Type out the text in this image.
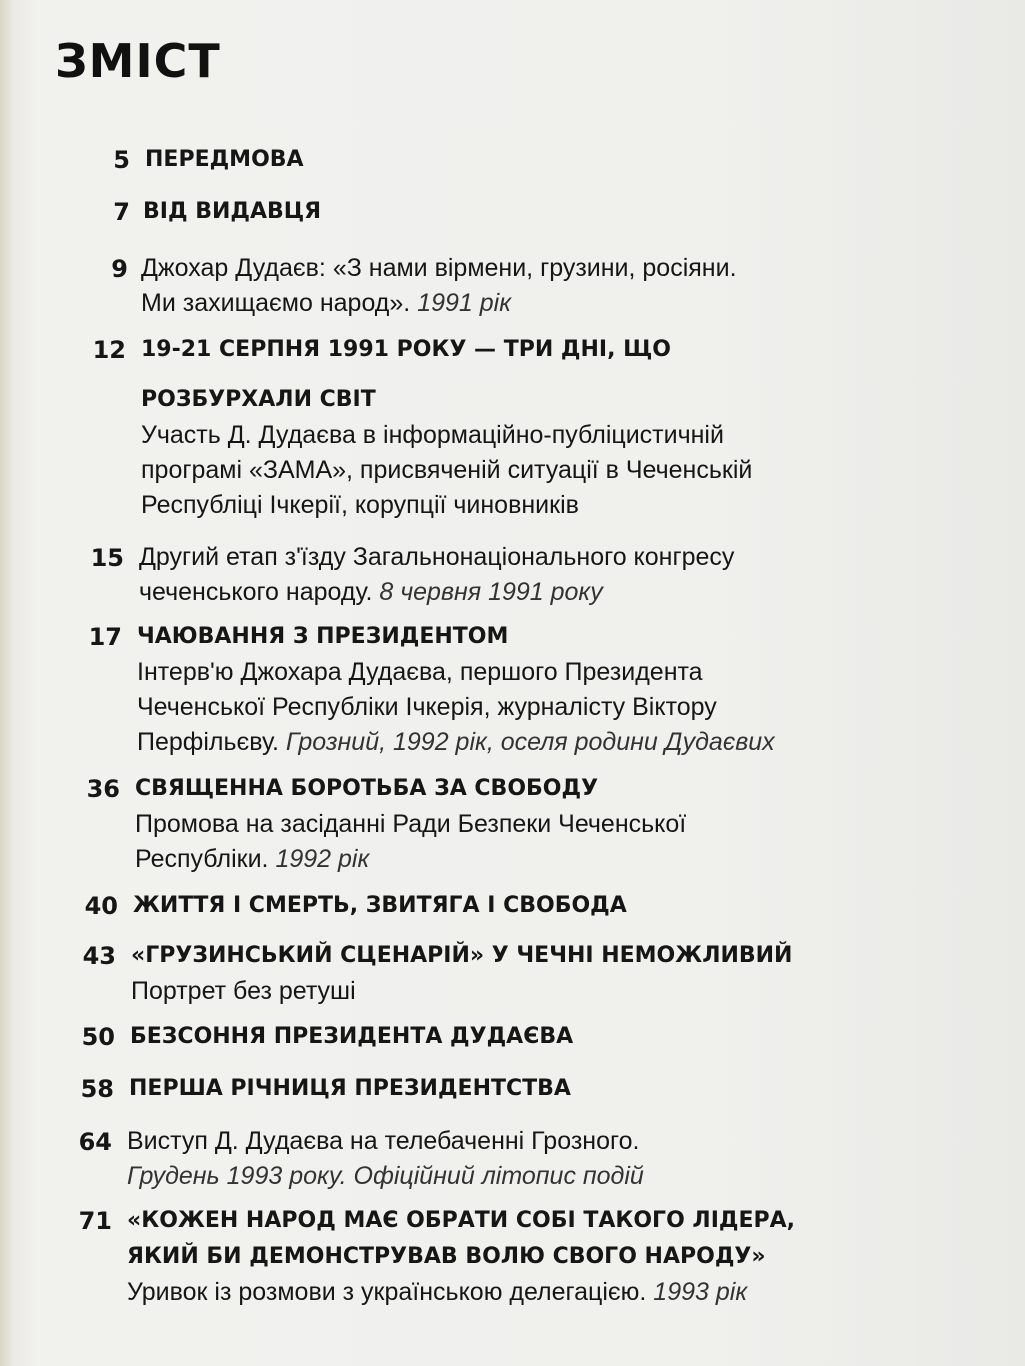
ЗМІСТ
5 ПЕРЕДМОВА
7 ВІД ВИДАВЦЯ
9 Джохар Дудаєв: «З нами вірмени, грузини, росіяни.
Ми захищаємо народ». 1991 рік
12 19-21 СЕРПНЯ 1991 РОКУ — ТРИ ДНІ, ЩО
РОЗБУРХАЛИ СВІТ
Участь Д. Дудаєва в інформаційно-публіцистичній
програмі «ЗАМА», присвяченій ситуації в Чеченській
Республіці Ічкерії, корупції чиновників
15 Другий етап з'їзду Загальнонаціонального конгресу
чеченського народу. 8 червня 1991 року
17 ЧАЮВАННЯ З ПРЕЗИДЕНТОМ
Інтерв'ю Джохара Дудаєва, першого Президента
Чеченської Республіки Ічкерія, журналісту Віктору
Перфільєву. Грозний, 1992 рік, оселя родини Дудаєвих
36 СВЯЩЕННА БОРОТЬБА ЗА СВОБОДУ
Промова на засіданні Ради Безпеки Чеченської
Республіки. 1992 рік
40 ЖИТТЯ І СМЕРТЬ, ЗВИТЯГА І СВОБОДА
43 «ГРУЗИНСЬКИЙ СЦЕНАРІЙ» У ЧЕЧНІ НЕМОЖЛИВИЙ
Портрет без ретуші
50 БЕЗСОННЯ ПРЕЗИДЕНТА ДУДАЄВА
58 ПЕРША РІЧНИЦЯ ПРЕЗИДЕНТСТВА
64 Виступ Д. Дудаєва на телебаченні Грозного.
Грудень 1993 року. Офіційний літопис подій
71 «КОЖЕН НАРОД МАЄ ОБРАТИ СОБІ ТАКОГО ЛІДЕРА,
ЯКИЙ БИ ДЕМОНСТРУВАВ ВОЛЮ СВОГО НАРОДУ»
Уривок із розмови з українською делегацією. 1993 рік
